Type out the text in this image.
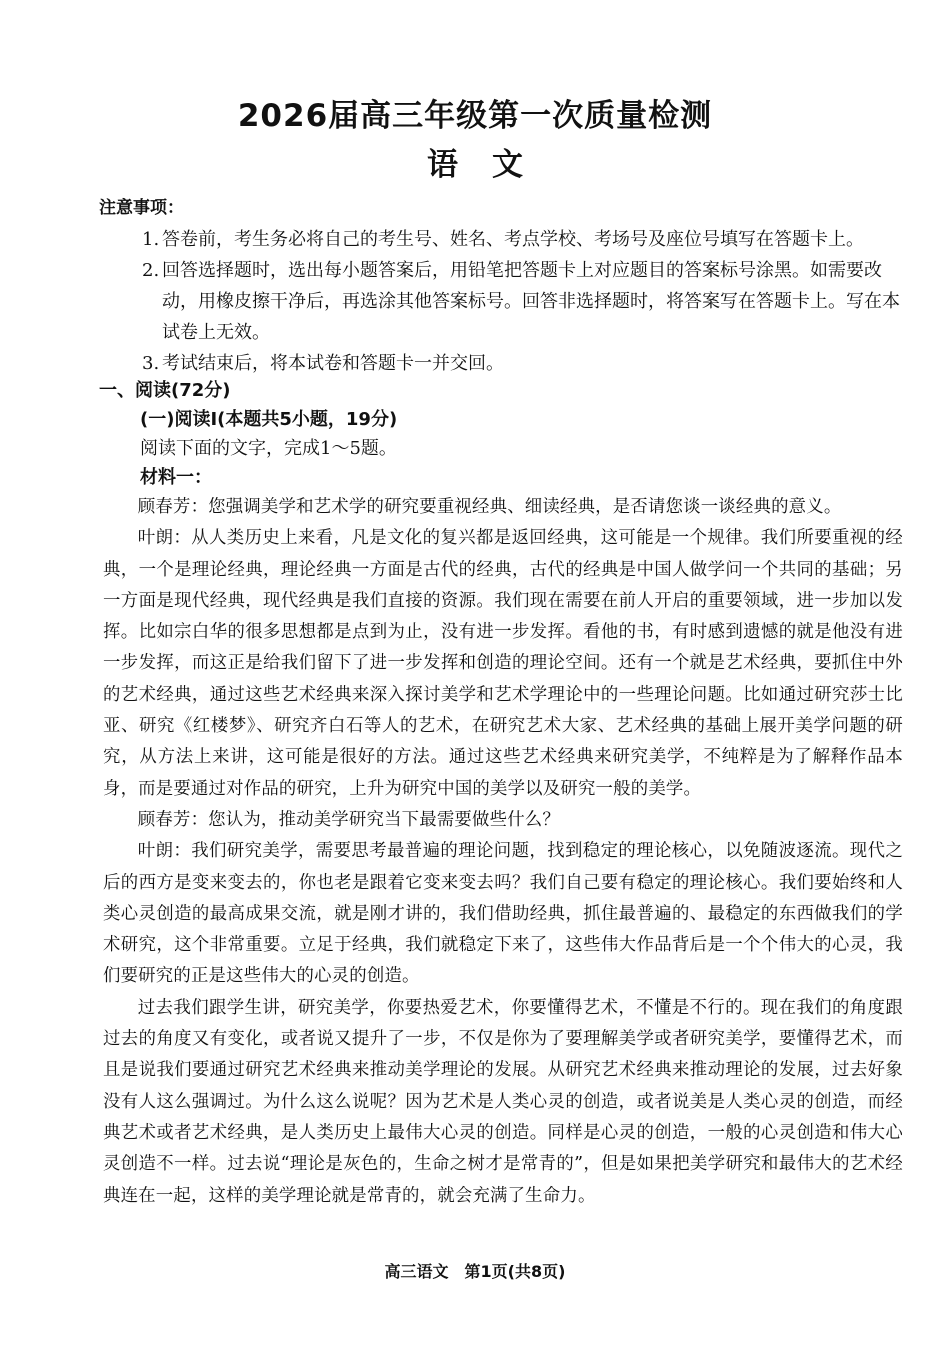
2026届高三年级第一次质量检测
语文
注意事项：
1. 答卷前，考生务必将自己的考生号、姓名、考点学校、考场号及座位号填写在答题卡上。
2. 回答选择题时，选出每小题答案后，用铅笔把答题卡上对应题目的答案标号涂黑。如需要改动，用橡皮擦干净后，再选涂其他答案标号。回答非选择题时，将答案写在答题卡上。写在本试卷上无效。
3. 考试结束后，将本试卷和答题卡一并交回。
一、阅读(72分)
(一)阅读Ⅰ(本题共5小题，19分)
阅读下面的文字，完成1～5题。
材料一：

顾春芳：您强调美学和艺术学的研究要重视经典、细读经典，是否请您谈一谈经典的意义。

叶朗：从人类历史上来看，凡是文化的复兴都是返回经典，这可能是一个规律。我们所要重视的经典，一个是理论经典，理论经典一方面是古代的经典，古代的经典是中国人做学问一个共同的基础；另一方面是现代经典，现代经典是我们直接的资源。我们现在需要在前人开启的重要领域，进一步加以发挥。比如宗白华的很多思想都是点到为止，没有进一步发挥。看他的书，有时感到遗憾的就是他没有进一步发挥，而这正是给我们留下了进一步发挥和创造的理论空间。还有一个就是艺术经典，要抓住中外的艺术经典，通过这些艺术经典来深入探讨美学和艺术学理论中的一些理论问题。比如通过研究莎士比亚、研究《红楼梦》、研究齐白石等人的艺术，在研究艺术大家、艺术经典的基础上展开美学问题的研究，从方法上来讲，这可能是很好的方法。通过这些艺术经典来研究美学，不纯粹是为了解释作品本身，而是要通过对作品的研究，上升为研究中国的美学以及研究一般的美学。

顾春芳：您认为，推动美学研究当下最需要做些什么？

叶朗：我们研究美学，需要思考最普遍的理论问题，找到稳定的理论核心，以免随波逐流。现代之后的西方是变来变去的，你也老是跟着它变来变去吗？我们自己要有稳定的理论核心。我们要始终和人类心灵创造的最高成果交流，就是刚才讲的，我们借助经典，抓住最普遍的、最稳定的东西做我们的学术研究，这个非常重要。立足于经典，我们就稳定下来了，这些伟大作品背后是一个个伟大的心灵，我们要研究的正是这些伟大的心灵的创造。

过去我们跟学生讲，研究美学，你要热爱艺术，你要懂得艺术，不懂是不行的。现在我们的角度跟过去的角度又有变化，或者说又提升了一步，不仅是你为了要理解美学或者研究美学，要懂得艺术，而且是说我们要通过研究艺术经典来推动美学理论的发展。从研究艺术经典来推动理论的发展，过去好象没有人这么强调过。为什么这么说呢？因为艺术是人类心灵的创造，或者说美是人类心灵的创造，而经典艺术或者艺术经典，是人类历史上最伟大心灵的创造。同样是心灵的创造，一般的心灵创造和伟大心灵创造不一样。过去说“理论是灰色的，生命之树才是常青的”，但是如果把美学研究和最伟大的艺术经典连在一起，这样的美学理论就是常青的，就会充满了生命力。

高三语文　第1页(共8页)
